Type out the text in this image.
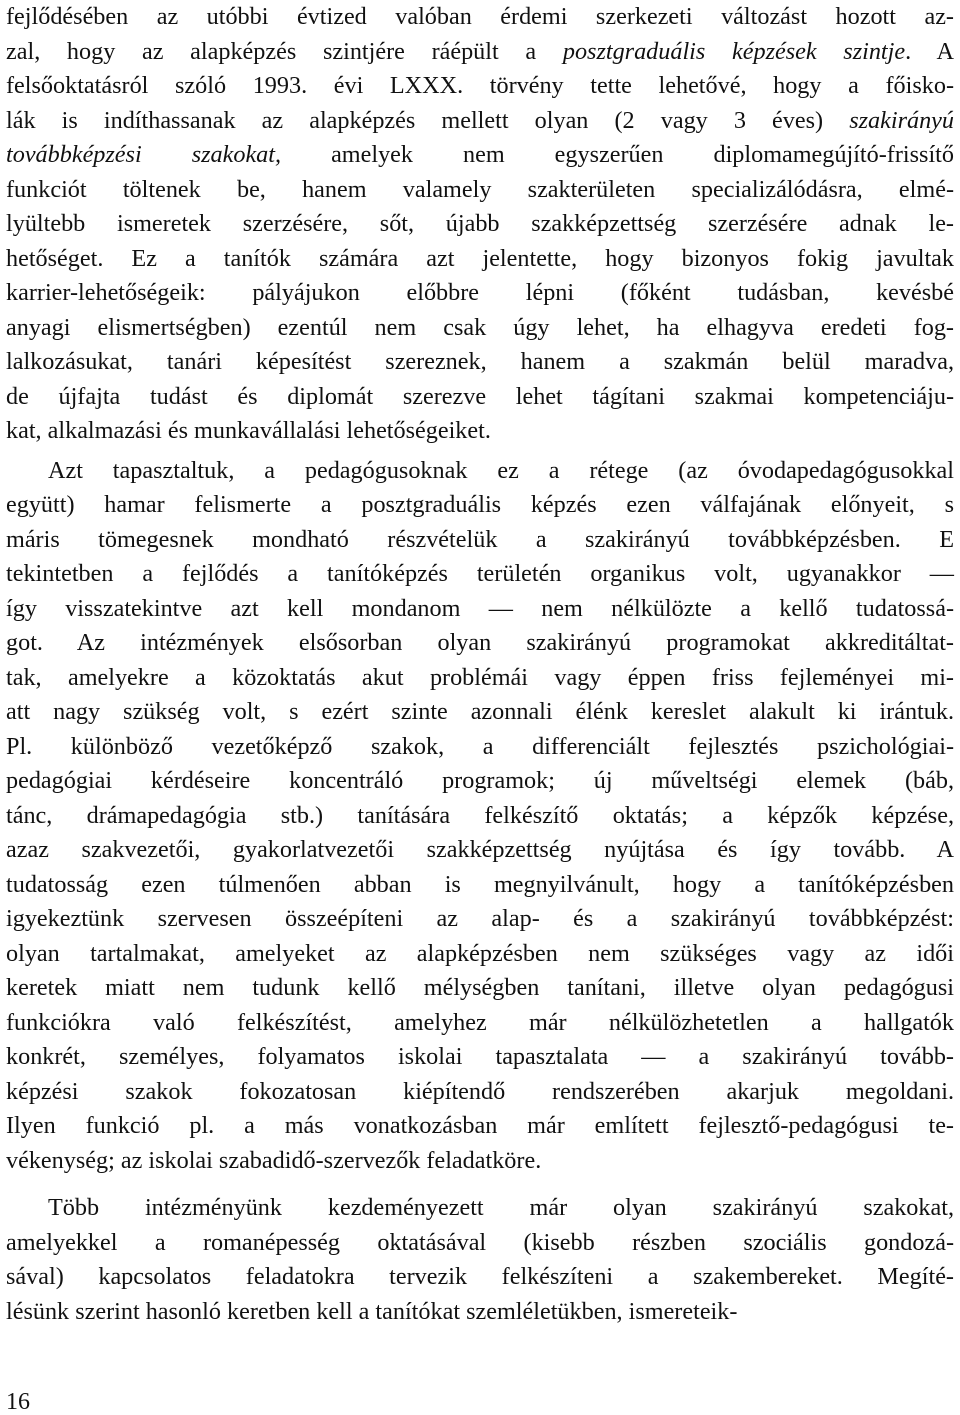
fejlődésében az utóbbi évtized valóban érdemi szerkezeti változást hozott az-
zal, hogy az alapképzés szintjére ráépült a posztgraduális képzések szintje. A
felsőoktatásról szóló 1993. évi LXXX. törvény tette lehetővé, hogy a főisko-
lák is indíthassanak az alapképzés mellett olyan (2 vagy 3 éves) szakirányú
továbbképzési szakokat, amelyek nem egyszerűen diplomamegújító-frissítő
funkciót töltenek be, hanem valamely szakterületen specializálódásra, elmé-
lyültebb ismeretek szerzésére, sőt, újabb szakképzettség szerzésére adnak le-
hetőséget. Ez a tanítók számára azt jelentette, hogy bizonyos fokig javultak
karrier-lehetőségeik: pályájukon előbbre lépni (főként tudásban, kevésbé
anyagi elismertségben) ezentúl nem csak úgy lehet, ha elhagyva eredeti fog-
lalkozásukat, tanári képesítést szereznek, hanem a szakmán belül maradva,
de újfajta tudást és diplomát szerezve lehet tágítani szakmai kompetenciáju-
kat, alkalmazási és munkavállalási lehetőségeiket.
Azt tapasztaltuk, a pedagógusoknak ez a rétege (az óvodapedagógusokkal
együtt) hamar felismerte a posztgraduális képzés ezen válfajának előnyeit, s
máris tömegesnek mondható részvételük a szakirányú továbbképzésben. E
tekintetben a fejlődés a tanítóképzés területén organikus volt, ugyanakkor —
így visszatekintve azt kell mondanom — nem nélkülözte a kellő tudatossá-
got. Az intézmények elsősorban olyan szakirányú programokat akkreditáltat-
tak, amelyekre a közoktatás akut problémái vagy éppen friss fejleményei mi-
att nagy szükség volt, s ezért szinte azonnali élénk kereslet alakult ki irántuk.
Pl. különböző vezetőképző szakok, a differenciált fejlesztés pszichológiai-
pedagógiai kérdéseire koncentráló programok; új műveltségi elemek (báb,
tánc, drámapedagógia stb.) tanítására felkészítő oktatás; a képzők képzése,
azaz szakvezetői, gyakorlatvezetői szakképzettség nyújtása és így tovább. A
tudatosság ezen túlmenően abban is megnyilvánult, hogy a tanítóképzésben
igyekeztünk szervesen összeépíteni az alap- és a szakirányú továbbképzést:
olyan tartalmakat, amelyeket az alapképzésben nem szükséges vagy az idői
keretek miatt nem tudunk kellő mélységben tanítani, illetve olyan pedagógusi
funkciókra való felkészítést, amelyhez már nélkülözhetetlen a hallgatók
konkrét, személyes, folyamatos iskolai tapasztalata — a szakirányú tovább-
képzési szakok fokozatosan kiépítendő rendszerében akarjuk megoldani.
Ilyen funkció pl. a más vonatkozásban már említett fejlesztő-pedagógusi te-
vékenység; az iskolai szabadidő-szervezők feladatköre.
Több intézményünk kezdeményezett már olyan szakirányú szakokat,
amelyekkel a romanépesség oktatásával (kisebb részben szociális gondozá-
sával) kapcsolatos feladatokra tervezik felkészíteni a szakembereket. Megíté-
lésünk szerint hasonló keretben kell a tanítókat szemléletükben, ismereteik-
16
